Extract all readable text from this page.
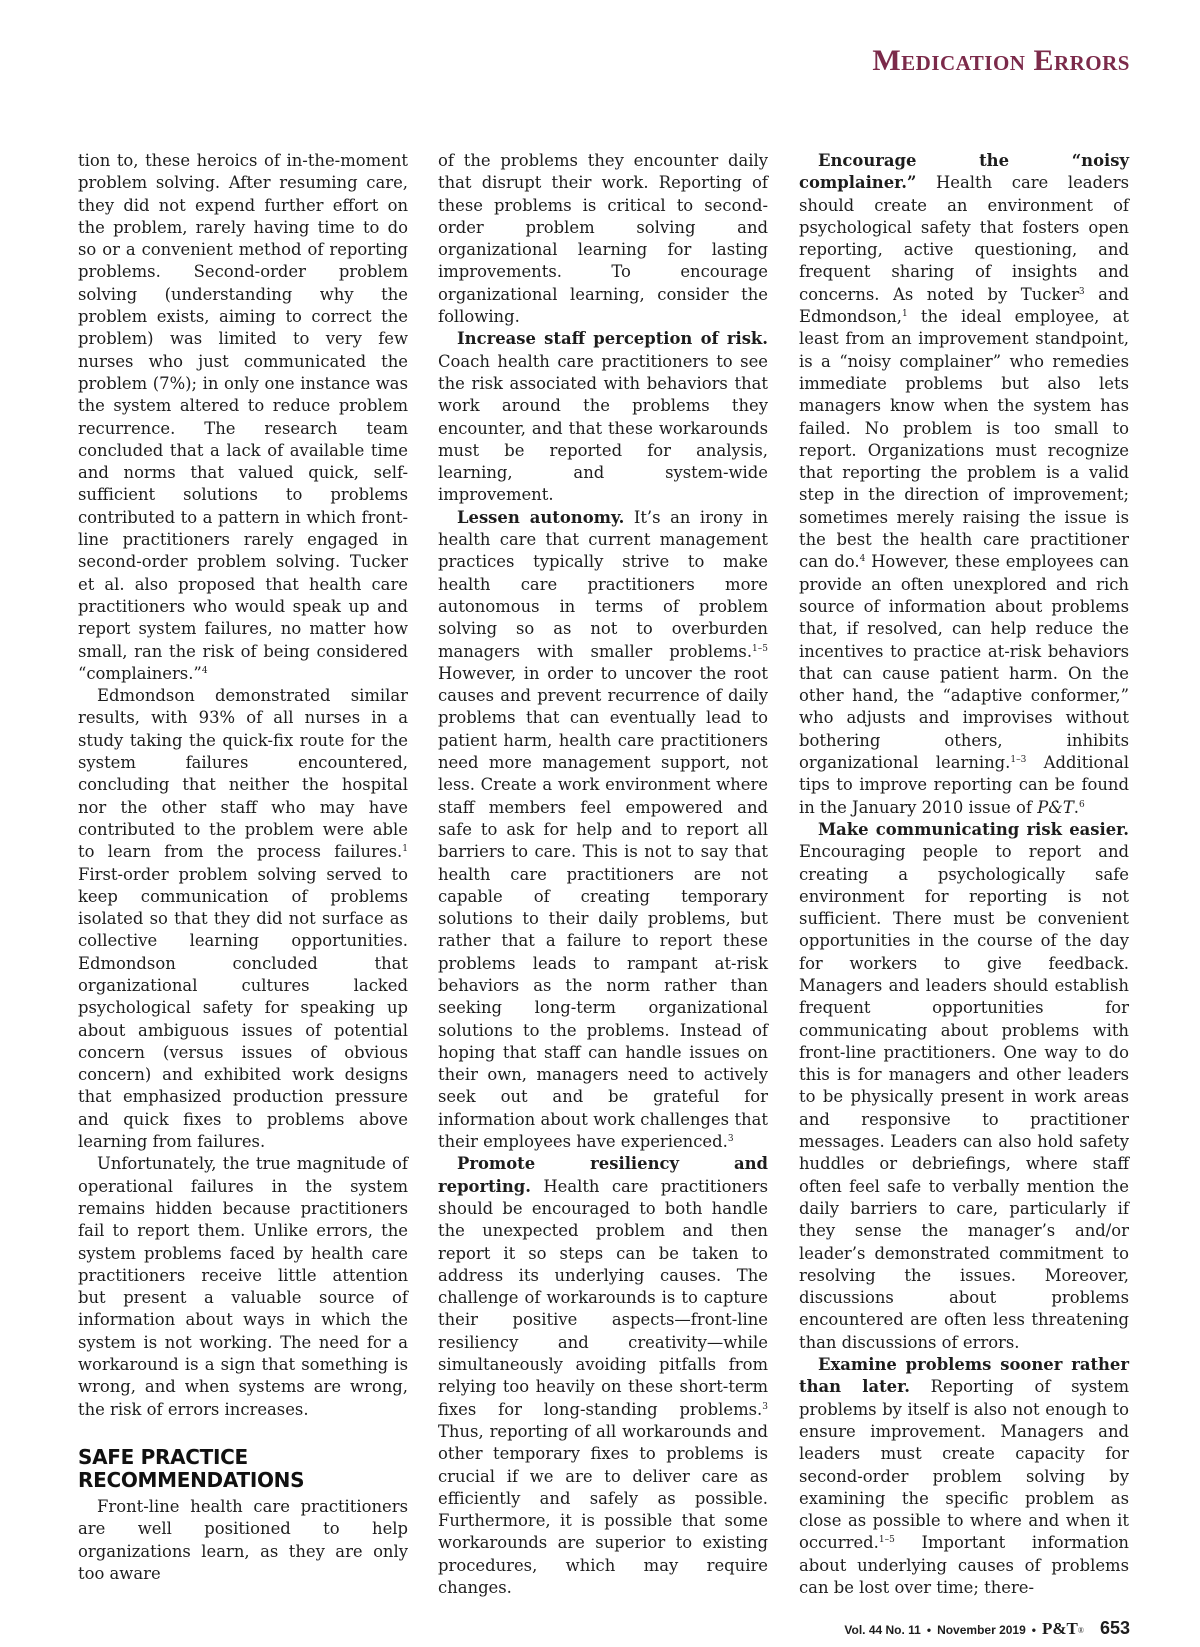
Medication Errors

tion to, these heroics of in-the-moment problem solving. After resuming care, they did not expend further effort on the problem, rarely having time to do so or a convenient method of reporting problems. Second-order problem solving (understanding why the problem exists, aiming to correct the problem) was limited to very few nurses who just communicated the problem (7%); in only one instance was the system altered to reduce problem recurrence. The research team concluded that a lack of available time and norms that valued quick, self-sufficient solutions to problems contributed to a pattern in which front-line practitioners rarely engaged in second-order problem solving. Tucker et al. also proposed that health care practitioners who would speak up and report system failures, no matter how small, ran the risk of being considered “complainers.”$^4$

Edmondson demonstrated similar results, with 93% of all nurses in a study taking the quick-fix route for the system failures encountered, concluding that neither the hospital nor the other staff who may have contributed to the problem were able to learn from the process failures.$^1$ First-order problem solving served to keep communication of problems isolated so that they did not surface as collective learning opportunities. Edmondson concluded that organizational cultures lacked psychological safety for speaking up about ambiguous issues of potential concern (versus issues of obvious concern) and exhibited work designs that emphasized production pressure and quick fixes to problems above learning from failures.

Unfortunately, the true magnitude of operational failures in the system remains hidden because practitioners fail to report them. Unlike errors, the system problems faced by health care practitioners receive little attention but present a valuable source of information about ways in which the system is not working. The need for a workaround is a sign that something is wrong, and when systems are wrong, the risk of errors increases.

SAFE PRACTICE RECOMMENDATIONS

Front-line health care practitioners are well positioned to help organizations learn, as they are only too aware

of the problems they encounter daily that disrupt their work. Reporting of these problems is critical to second-order problem solving and organizational learning for lasting improvements. To encourage organizational learning, consider the following.

Increase staff perception of risk. Coach health care practitioners to see the risk associated with behaviors that work around the problems they encounter, and that these workarounds must be reported for analysis, learning, and system-wide improvement.

Lessen autonomy. It’s an irony in health care that current management practices typically strive to make health care practitioners more autonomous in terms of problem solving so as not to overburden managers with smaller problems.$^{1-5}$ However, in order to uncover the root causes and prevent recurrence of daily problems that can eventually lead to patient harm, health care practitioners need more management support, not less. Create a work environment where staff members feel empowered and safe to ask for help and to report all barriers to care. This is not to say that health care practitioners are not capable of creating temporary solutions to their daily problems, but rather that a failure to report these problems leads to rampant at-risk behaviors as the norm rather than seeking long-term organizational solutions to the problems. Instead of hoping that staff can handle issues on their own, managers need to actively seek out and be grateful for information about work challenges that their employees have experienced.$^3$

Promote resiliency and reporting. Health care practitioners should be encouraged to both handle the unexpected problem and then report it so steps can be taken to address its underlying causes. The challenge of workarounds is to capture their positive aspects—front-line resiliency and creativity—while simultaneously avoiding pitfalls from relying too heavily on these short-term fixes for long-standing problems.$^3$ Thus, reporting of all workarounds and other temporary fixes to problems is crucial if we are to deliver care as efficiently and safely as possible. Furthermore, it is possible that some workarounds are superior to existing procedures, which may require changes.

Encourage the “noisy complainer.” Health care leaders should create an environment of psychological safety that fosters open reporting, active questioning, and frequent sharing of insights and concerns. As noted by Tucker$^3$ and Edmondson,$^1$ the ideal employee, at least from an improvement standpoint, is a “noisy complainer” who remedies immediate problems but also lets managers know when the system has failed. No problem is too small to report. Organizations must recognize that reporting the problem is a valid step in the direction of improvement; sometimes merely raising the issue is the best the health care practitioner can do.$^4$ However, these employees can provide an often unexplored and rich source of information about problems that, if resolved, can help reduce the incentives to practice at-risk behaviors that can cause patient harm. On the other hand, the “adaptive conformer,” who adjusts and improvises without bothering others, inhibits organizational learning.$^{1-3}$ Additional tips to improve reporting can be found in the January 2010 issue of P&T.$^6$

Make communicating risk easier. Encouraging people to report and creating a psychologically safe environment for reporting is not sufficient. There must be convenient opportunities in the course of the day for workers to give feedback. Managers and leaders should establish frequent opportunities for communicating about problems with front-line practitioners. One way to do this is for managers and other leaders to be physically present in work areas and responsive to practitioner messages. Leaders can also hold safety huddles or debriefings, where staff often feel safe to verbally mention the daily barriers to care, particularly if they sense the manager’s and/or leader’s demonstrated commitment to resolving the issues. Moreover, discussions about problems encountered are often less threatening than discussions of errors.

Examine problems sooner rather than later. Reporting of system problems by itself is also not enough to ensure improvement. Managers and leaders must create capacity for second-order problem solving by examining the specific problem as close as possible to where and when it occurred.$^{1-5}$ Important information about underlying causes of problems can be lost over time; there-

Vol. 44 No. 11 • November 2019 • P&T® 653
